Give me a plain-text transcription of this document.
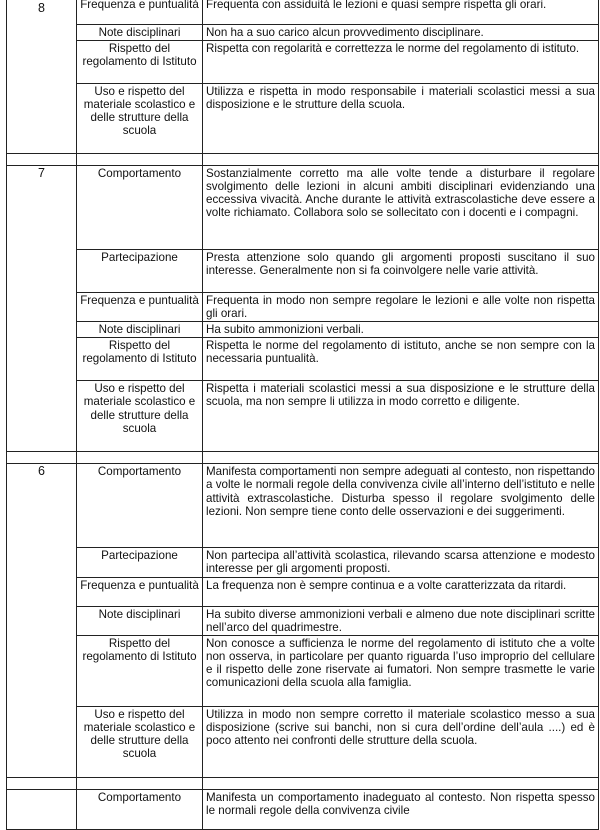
8	Frequenza e puntualità	Frequenta con assiduità le lezioni e quasi sempre rispetta gli orari.
	Note disciplinari	Non ha a suo carico alcun provvedimento disciplinare.
	Rispetto del regolamento di Istituto	Rispetta con regolarità e correttezza le norme del regolamento di istituto.
	Uso e rispetto del materiale scolastico e delle strutture della scuola	Utilizza e rispetta in modo responsabile i materiali scolastici messi a sua disposizione e le strutture della scuola.

7	Comportamento	Sostanzialmente corretto ma alle volte tende a disturbare il regolare svolgimento delle lezioni in alcuni ambiti disciplinari evidenziando una eccessiva vivacità. Anche durante le attività extrascolastiche deve essere a volte richiamato. Collabora solo se sollecitato con i docenti e i compagni.
	Partecipazione	Presta attenzione solo quando gli argomenti proposti suscitano il suo interesse. Generalmente non si fa coinvolgere nelle varie attività.
	Frequenza e puntualità	Frequenta in modo non sempre regolare le lezioni e alle volte non rispetta gli orari.
	Note disciplinari	Ha subito ammonizioni verbali.
	Rispetto del regolamento di Istituto	Rispetta le norme del regolamento di istituto, anche se non sempre con la necessaria puntualità.
	Uso e rispetto del materiale scolastico e delle strutture della scuola	Rispetta i materiali scolastici messi a sua disposizione e le strutture della scuola, ma non sempre li utilizza in modo corretto e diligente.

6	Comportamento	Manifesta comportamenti non sempre adeguati al contesto, non rispettando a volte le normali regole della convivenza civile all’interno dell’istituto e nelle attività extrascolastiche. Disturba spesso il regolare svolgimento delle lezioni. Non sempre tiene conto delle osservazioni e dei suggerimenti.
	Partecipazione	Non partecipa all’attività scolastica, rilevando scarsa attenzione e modesto interesse per gli argomenti proposti.
	Frequenza e puntualità	La frequenza non è sempre continua e a volte caratterizzata da ritardi.
	Note disciplinari	Ha subito diverse ammonizioni verbali e almeno due note disciplinari scritte nell’arco del quadrimestre.
	Rispetto del regolamento di Istituto	Non conosce a sufficienza le norme del regolamento di istituto che a volte non osserva, in particolare per quanto riguarda l’uso improprio del cellulare e il rispetto delle zone riservate ai fumatori. Non sempre trasmette le varie comunicazioni della scuola alla famiglia.
	Uso e rispetto del materiale scolastico e delle strutture della scuola	Utilizza in modo non sempre corretto il materiale scolastico messo a sua disposizione (scrive sui banchi, non si cura dell’ordine dell’aula ....) ed è poco attento nei confronti delle strutture della scuola.

	Comportamento	Manifesta un comportamento inadeguato al contesto. Non rispetta spesso le normali regole della convivenza civile
